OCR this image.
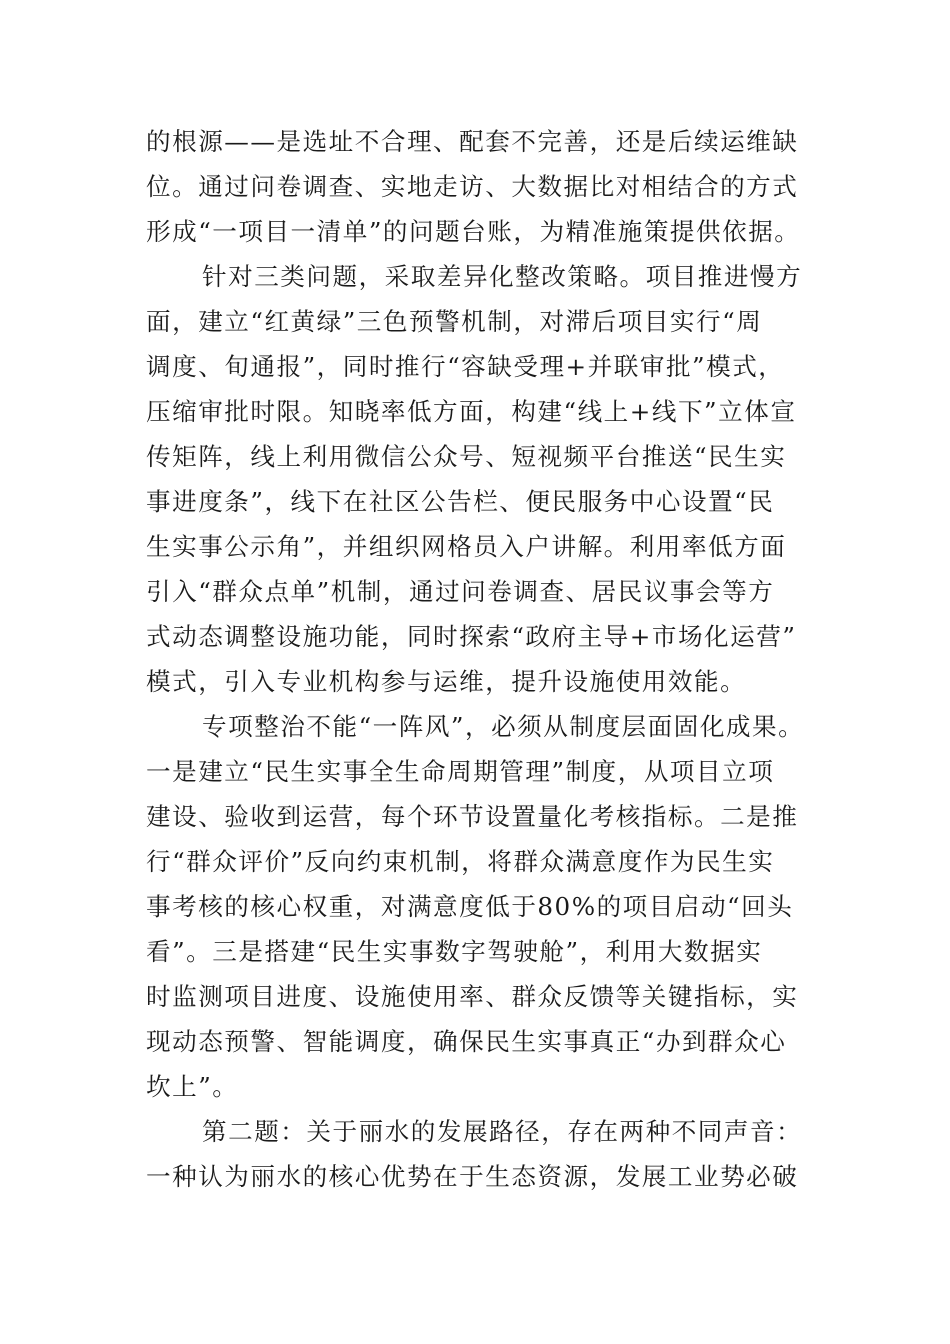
的根源——是选址不合理、配套不完善，还是后续运维缺
位。通过问卷调查、实地走访、大数据比对相结合的方式
形成“一项目一清单”的问题台账，为精准施策提供依据。
针对三类问题，采取差异化整改策略。项目推进慢方
面，建立“红黄绿”三色预警机制，对滞后项目实行“周
调度、旬通报”，同时推行“容缺受理+并联审批”模式，
压缩审批时限。知晓率低方面，构建“线上+线下”立体宣
传矩阵，线上利用微信公众号、短视频平台推送“民生实
事进度条”，线下在社区公告栏、便民服务中心设置“民
生实事公示角”，并组织网格员入户讲解。利用率低方面
引入“群众点单”机制，通过问卷调查、居民议事会等方
式动态调整设施功能，同时探索“政府主导+市场化运营”
模式，引入专业机构参与运维，提升设施使用效能。
专项整治不能“一阵风”，必须从制度层面固化成果。
一是建立“民生实事全生命周期管理”制度，从项目立项
建设、验收到运营，每个环节设置量化考核指标。二是推
行“群众评价”反向约束机制，将群众满意度作为民生实
事考核的核心权重，对满意度低于80%的项目启动“回头
看”。三是搭建“民生实事数字驾驶舱”，利用大数据实
时监测项目进度、设施使用率、群众反馈等关键指标，实
现动态预警、智能调度，确保民生实事真正“办到群众心
坎上”。
第二题：关于丽水的发展路径，存在两种不同声音：
一种认为丽水的核心优势在于生态资源，发展工业势必破
